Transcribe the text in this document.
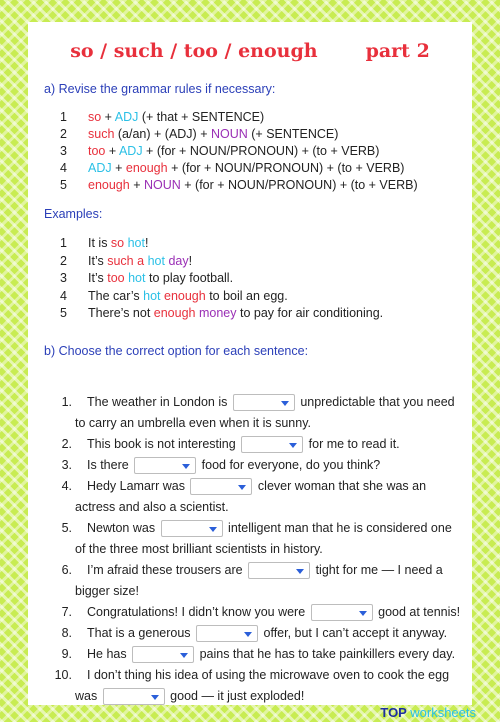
so / such / too / enough	part 2
a) Revise the grammar rules if necessary:
1 so + ADJ (+ that + SENTENCE)
2 such (a/an) + (ADJ) + NOUN (+ SENTENCE)
3 too + ADJ + (for + NOUN/PRONOUN) + (to + VERB)
4 ADJ + enough + (for + NOUN/PRONOUN) + (to + VERB)
5 enough + NOUN + (for + NOUN/PRONOUN) + (to + VERB)
Examples:
1 It is so hot!
2 It’s such a hot day!
3 It’s too hot to play football.
4 The car’s hot enough to boil an egg.
5 There’s not enough money to pay for air conditioning.
b) Choose the correct option for each sentence:
1. The weather in London is	unpredictable that you need to carry an umbrella even when it is sunny.
2. This book is not interesting	for me to read it.
3. Is there	food for everyone, do you think?
4. Hedy Lamarr was	clever woman that she was an actress and also a scientist.
5. Newton was	intelligent man that he is considered one of the three most brilliant scientists in history.
6. I’m afraid these trousers are	tight for me — I need a bigger size!
7. Congratulations! I didn’t know you were	good at tennis!
8. That is a generous	offer, but I can’t accept it anyway.
9. He has	pains that he has to take painkillers every day.
10. I don’t thing his idea of using the microwave oven to cook the egg was	good — it just exploded!
TOP worksheets
